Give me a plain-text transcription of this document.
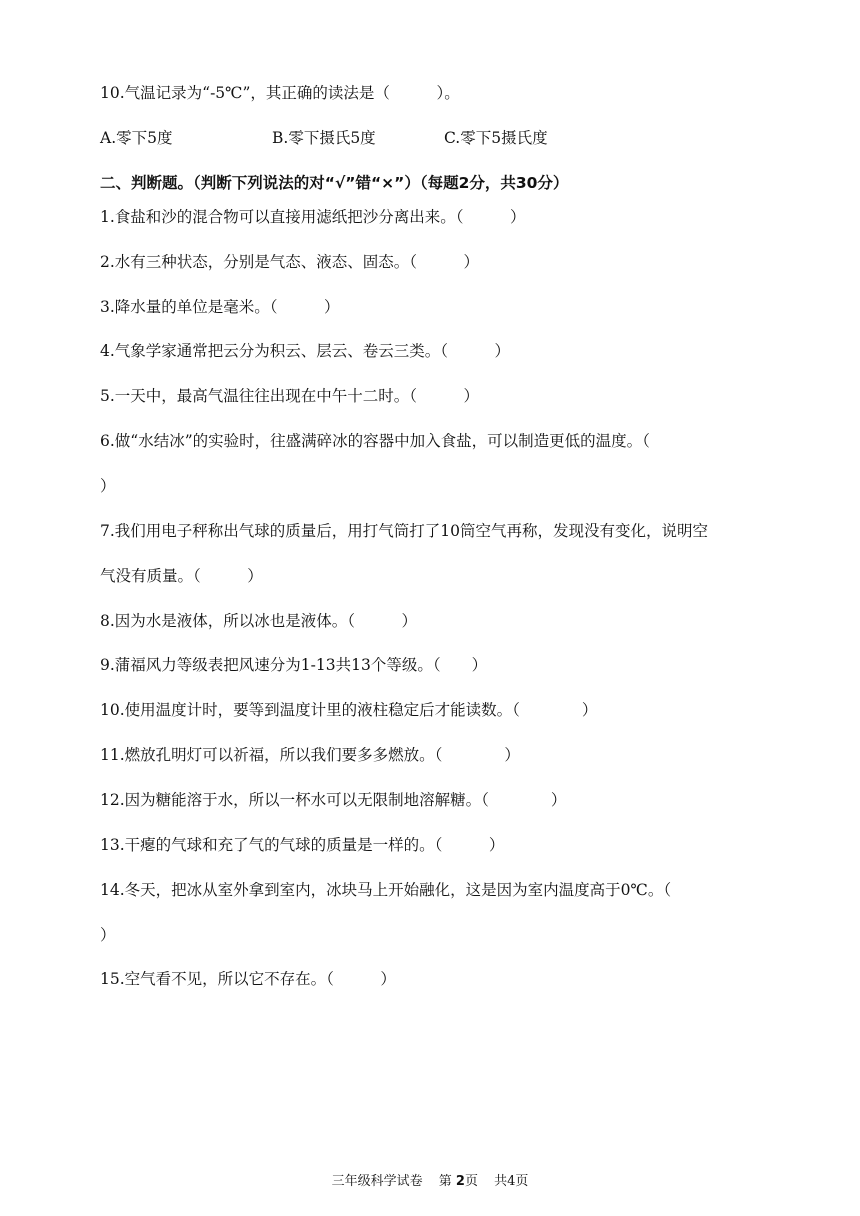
10.气温记录为“-5℃”，其正确的读法是（　　　）。
A.零下5度	B.零下摄氏5度	C.零下5摄氏度
二、判断题。（判断下列说法的对“√”错“×”）（每题2分，共30分）
1.食盐和沙的混合物可以直接用滤纸把沙分离出来。（　　　）
2.水有三种状态，分别是气态、液态、固态。（　　　）
3.降水量的单位是毫米。（　　　）
4.气象学家通常把云分为积云、层云、卷云三类。（　　　）
5.一天中，最高气温往往出现在中午十二时。（　　　）
6.做“水结冰”的实验时，往盛满碎冰的容器中加入食盐，可以制造更低的温度。（
）
7.我们用电子秤称出气球的质量后，用打气筒打了10筒空气再称，发现没有变化，说明空
气没有质量。（　　　）
8.因为水是液体，所以冰也是液体。（　　　）
9.蒲福风力等级表把风速分为1-13共13个等级。（　　）
10.使用温度计时，要等到温度计里的液柱稳定后才能读数。（　　　　）
11.燃放孔明灯可以祈福，所以我们要多多燃放。（　　　　）
12.因为糖能溶于水，所以一杯水可以无限制地溶解糖。（　　　　）
13.干瘪的气球和充了气的气球的质量是一样的。（　　　）
14.冬天，把冰从室外拿到室内，冰块马上开始融化，这是因为室内温度高于0℃。（
）
15.空气看不见，所以它不存在。（　　　）
三年级科学试卷 第 2页 共4页
